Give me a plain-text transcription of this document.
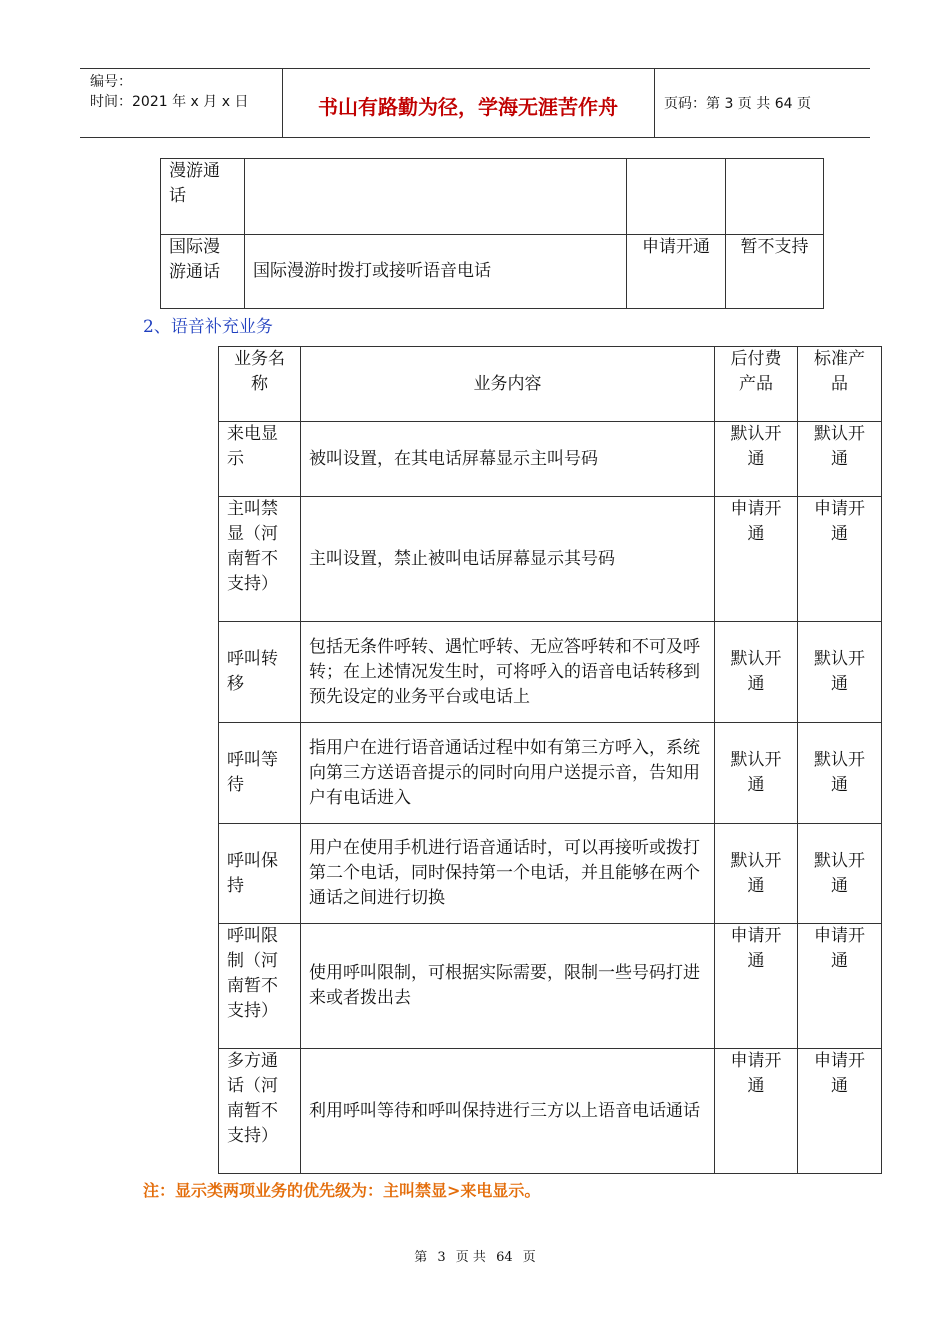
编号：
时间：2021 年 x 月 x 日	书山有路勤为径，学海无涯苦作舟	页码：第 3 页 共 64 页
漫游通话			
国际漫游通话	国际漫游时拨打或接听语音电话	申请开通	暂不支持
2、语音补充业务
业务名称	业务内容	后付费产品	标准产品
来电显示	被叫设置，在其电话屏幕显示主叫号码	默认开通	默认开通
主叫禁显（河南暂不支持）	主叫设置，禁止被叫电话屏幕显示其号码	申请开通	申请开通
呼叫转移	包括无条件呼转、遇忙呼转、无应答呼转和不可及呼转；在上述情况发生时，可将呼入的语音电话转移到预先设定的业务平台或电话上	默认开通	默认开通
呼叫等待	指用户在进行语音通话过程中如有第三方呼入，系统向第三方送语音提示的同时向用户送提示音，告知用户有电话进入	默认开通	默认开通
呼叫保持	用户在使用手机进行语音通话时，可以再接听或拨打第二个电话，同时保持第一个电话，并且能够在两个通话之间进行切换	默认开通	默认开通
呼叫限制（河南暂不支持）	使用呼叫限制，可根据实际需要，限制一些号码打进来或者拨出去	申请开通	申请开通
多方通话（河南暂不支持）	利用呼叫等待和呼叫保持进行三方以上语音电话通话	申请开通	申请开通
注：显示类两项业务的优先级为：主叫禁显>来电显示。
第 3 页 共 64 页
